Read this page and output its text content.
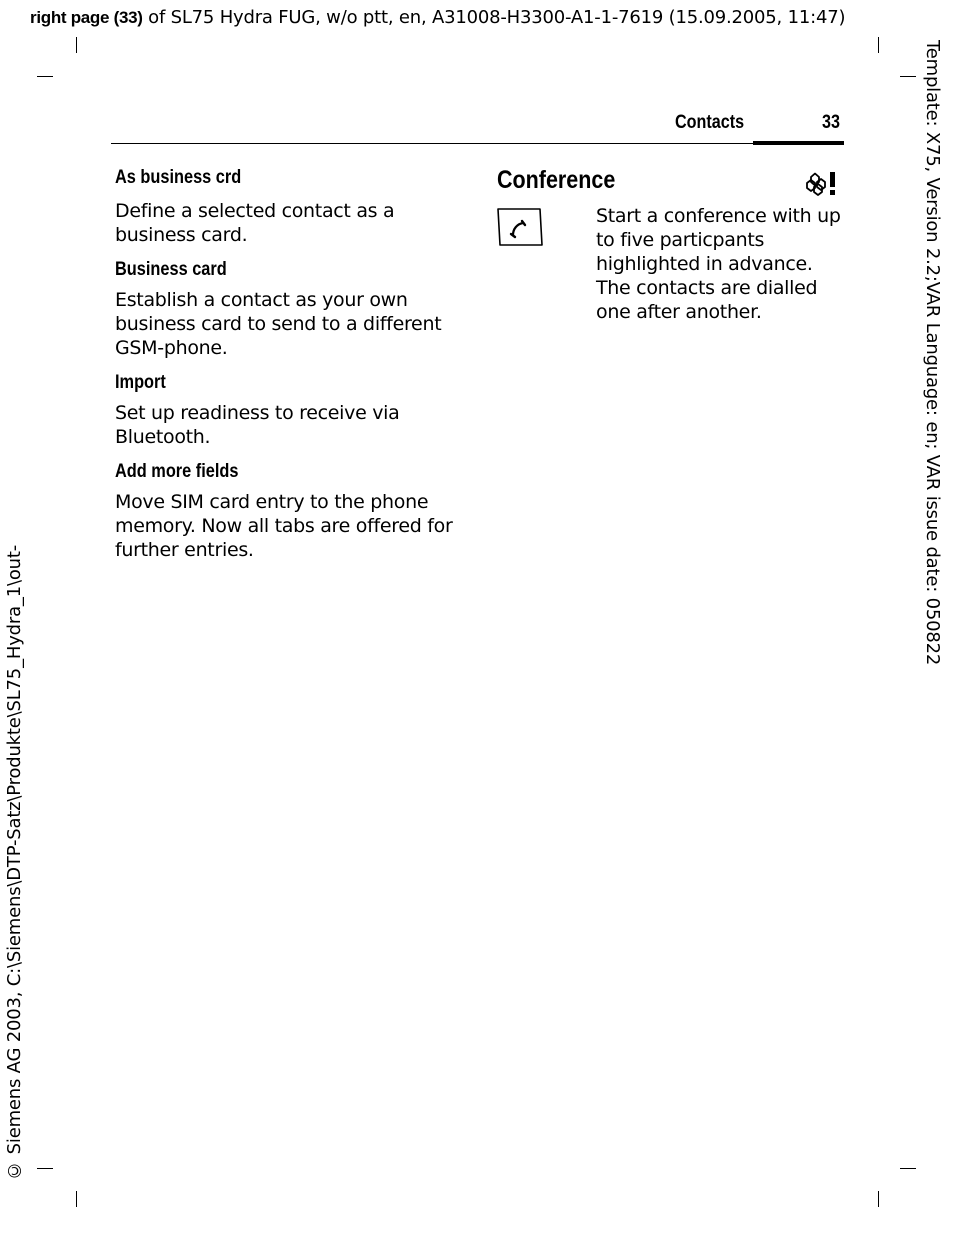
right page (33) of SL75 Hydra FUG, w/o ptt, en, A31008-H3300-A1-1-7619 (15.09.2005, 11:47)
Template: X75, Version 2.2;VAR Language: en; VAR issue date: 050822
© Siemens AG 2003, C:\Siemens\DTP-Satz\Produkte\SL75_Hydra_1\out-
Contacts	33
As business crd
Define a selected contact as a business card.
Business card
Establish a contact as your own business card to send to a different GSM-phone.
Import
Set up readiness to receive via Bluetooth.
Add more fields
Move SIM card entry to the phone memory. Now all tabs are offered for further entries.
Conference
Start a conference with up to five particpants highlighted in advance. The contacts are dialled one after another.
